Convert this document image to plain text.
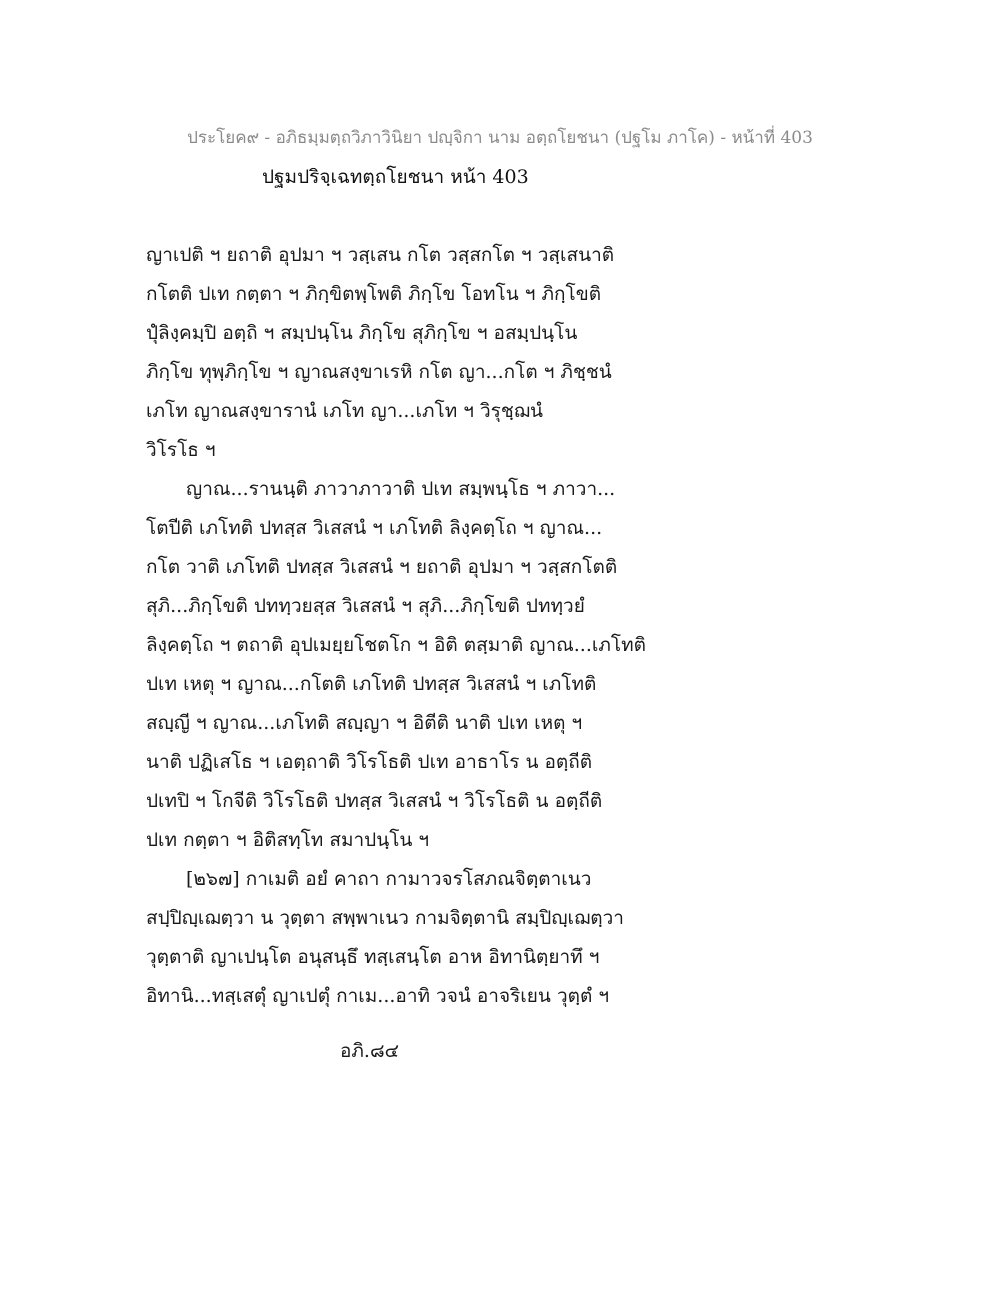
ประโยค๙ - อภิธมฺมตฺถวิภาวินิยา ปญฺจิกา นาม อตฺถโยชนา (ปฐโม ภาโค) - หน้าที่ 403
ปฐมปริจฺเฉทตฺถโยชนา หน้า 403
ญาเปติ ฯ ยถาติ อุปมา ฯ วสฺเสน กโต วสฺสกโต ฯ วสฺเสนาติ
กโตติ ปเท กตฺตา ฯ ภิกฺขิตพฺโพติ ภิกฺโข โอทโน ฯ ภิกฺโขติ
ปุํลิงฺคมฺปิ อตฺถิ ฯ สมฺปนฺโน ภิกฺโข สุภิกฺโข ฯ อสมฺปนฺโน
ภิกฺโข ทุพฺภิกฺโข ฯ ญาณสงฺขาเรหิ กโต ญา...กโต ฯ ภิชฺชนํ
เภโท ญาณสงฺขารานํ เภโท ญา...เภโท ฯ วิรุชฺฌนํ
วิโรโธ ฯ
ญาณ...รานนฺติ ภาวาภาวาติ ปเท สมฺพนฺโธ ฯ ภาวา...
โตปีติ เภโทติ ปทสฺส วิเสสนํ ฯ เภโทติ ลิงฺคตฺโถ ฯ ญาณ...
กโต วาติ เภโทติ ปทสฺส วิเสสนํ ฯ ยถาติ อุปมา ฯ วสฺสกโตติ
สุภิ...ภิกฺโขติ ปททฺวยสฺส วิเสสนํ ฯ สุภิ...ภิกฺโขติ ปททฺวยํ
ลิงฺคตฺโถ ฯ ตถาติ อุปเมยฺยโชตโก ฯ อิติ ตสฺมาติ ญาณ...เภโทติ
ปเท เหตุ ฯ ญาณ...กโตติ เภโทติ ปทสฺส วิเสสนํ ฯ เภโทติ
สญฺญี ฯ ญาณ...เภโทติ สญฺญา ฯ อิตีติ นาติ ปเท เหตุ ฯ
นาติ ปฏิเสโธ ฯ เอตฺถาติ วิโรโธติ ปเท อาธาโร น อตฺถีติ
ปเทปิ ฯ โกจีติ วิโรโธติ ปทสฺส วิเสสนํ ฯ วิโรโธติ น อตฺถีติ
ปเท กตฺตา ฯ อิติสทฺโท สมาปนฺโน ฯ
[๒๖๗] กาเมติ อยํ คาถา กามาวจรโสภณจิตฺตาเนว
สปฺปิญฺเฌตฺวา น วุตฺตา สพฺพาเนว กามจิตฺตานิ สมฺปิญฺเฌตฺวา
วุตฺตาติ ญาเปนฺโต อนุสนฺธึ ทสฺเสนฺโต อาห อิทานิตฺยาทึ ฯ
อิทานิ...ทสฺเสตุํ ญาเปตุํ กาเม...อาทิ วจนํ อาจริเยน วุตฺตํ ฯ
อภิ.๘๔
